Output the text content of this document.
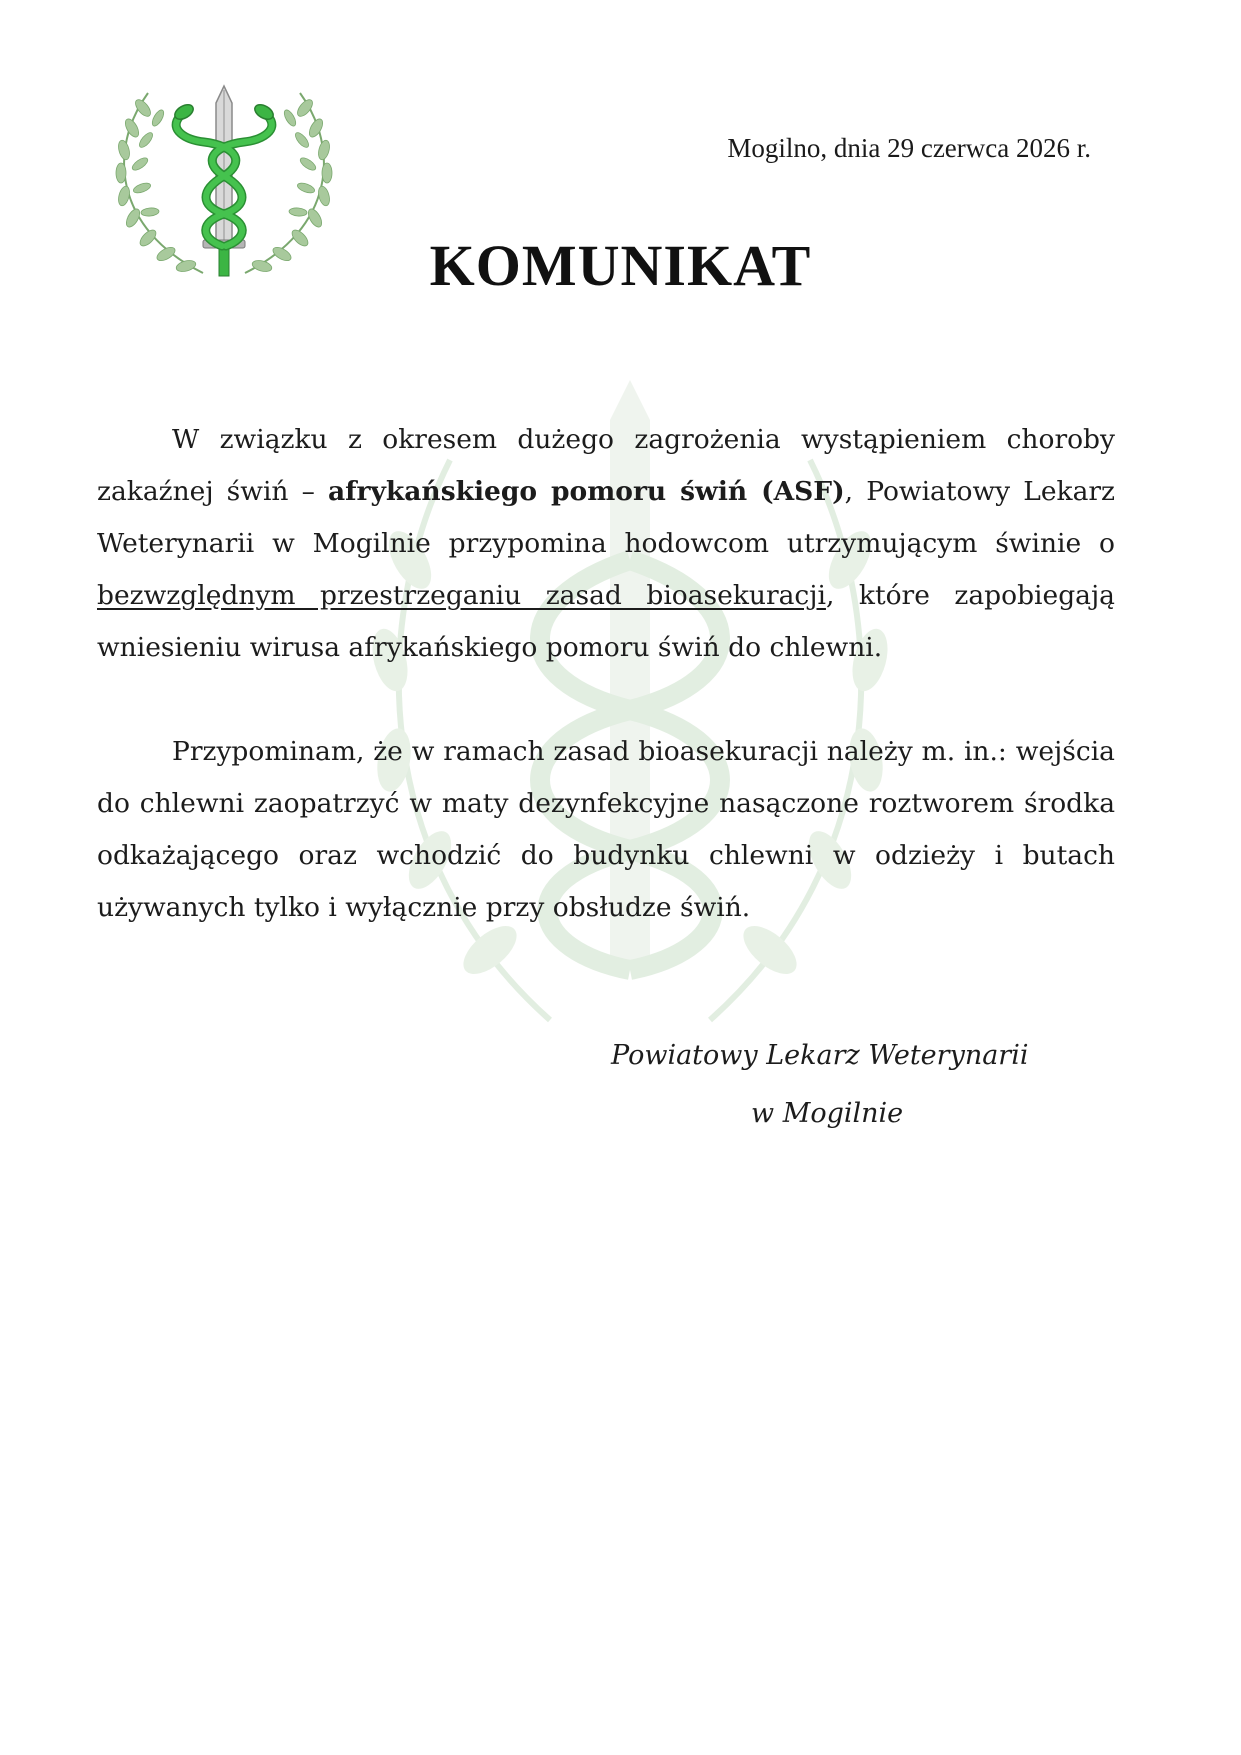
Mogilno, dnia 29 czerwca 2026 r.
KOMUNIKAT
W związku z okresem dużego zagrożenia wystąpieniem choroby zakaźnej świń – afrykańskiego pomoru świń (ASF), Powiatowy Lekarz Weterynarii w Mogilnie przypomina hodowcom utrzymującym świnie o bezwzględnym przestrzeganiu zasad bioasekuracji, które zapobiegają wniesieniu wirusa afrykańskiego pomoru świń do chlewni.
Przypominam, że w ramach zasad bioasekuracji należy m. in.: wejścia do chlewni zaopatrzyć w maty dezynfekcyjne nasączone roztworem środka odkażającego oraz wchodzić do budynku chlewni w odzieży i butach używanych tylko i wyłącznie przy obsłudze świń.
Powiatowy Lekarz Weterynarii
w Mogilnie
